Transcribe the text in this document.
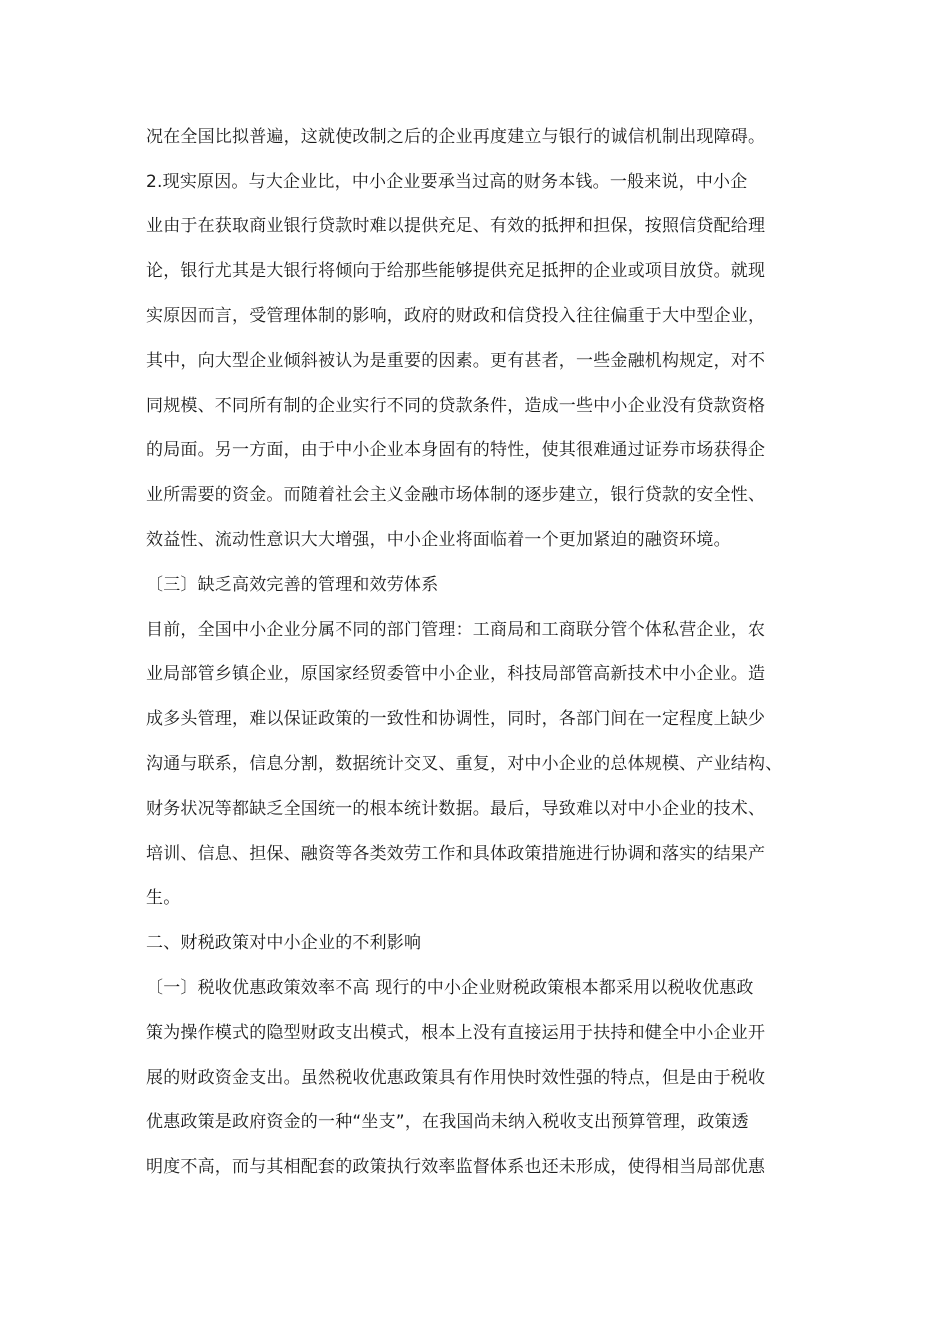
况在全国比拟普遍，这就使改制之后的企业再度建立与银行的诚信机制出现障碍。
2.现实原因。与大企业比，中小企业要承当过高的财务本钱。一般来说，中小企
业由于在获取商业银行贷款时难以提供充足、有效的抵押和担保，按照信贷配给理
论，银行尤其是大银行将倾向于给那些能够提供充足抵押的企业或项目放贷。就现
实原因而言，受管理体制的影响，政府的财政和信贷投入往往偏重于大中型企业，
其中，向大型企业倾斜被认为是重要的因素。更有甚者，一些金融机构规定，对不
同规模、不同所有制的企业实行不同的贷款条件，造成一些中小企业没有贷款资格
的局面。另一方面，由于中小企业本身固有的特性，使其很难通过证券市场获得企
业所需要的资金。而随着社会主义金融市场体制的逐步建立，银行贷款的安全性、
效益性、流动性意识大大增强，中小企业将面临着一个更加紧迫的融资环境。
〔三〕缺乏高效完善的管理和效劳体系
目前，全国中小企业分属不同的部门管理：工商局和工商联分管个体私营企业，农
业局部管乡镇企业，原国家经贸委管中小企业，科技局部管高新技术中小企业。造
成多头管理，难以保证政策的一致性和协调性，同时，各部门间在一定程度上缺少
沟通与联系，信息分割，数据统计交叉、重复，对中小企业的总体规模、产业结构、
财务状况等都缺乏全国统一的根本统计数据。最后，导致难以对中小企业的技术、
培训、信息、担保、融资等各类效劳工作和具体政策措施进行协调和落实的结果产
生。
二、财税政策对中小企业的不利影响
〔一〕税收优惠政策效率不高 现行的中小企业财税政策根本都采用以税收优惠政
策为操作模式的隐型财政支出模式，根本上没有直接运用于扶持和健全中小企业开
展的财政资金支出。虽然税收优惠政策具有作用快时效性强的特点，但是由于税收
优惠政策是政府资金的一种“坐支”，在我国尚未纳入税收支出预算管理，政策透
明度不高，而与其相配套的政策执行效率监督体系也还未形成，使得相当局部优惠
